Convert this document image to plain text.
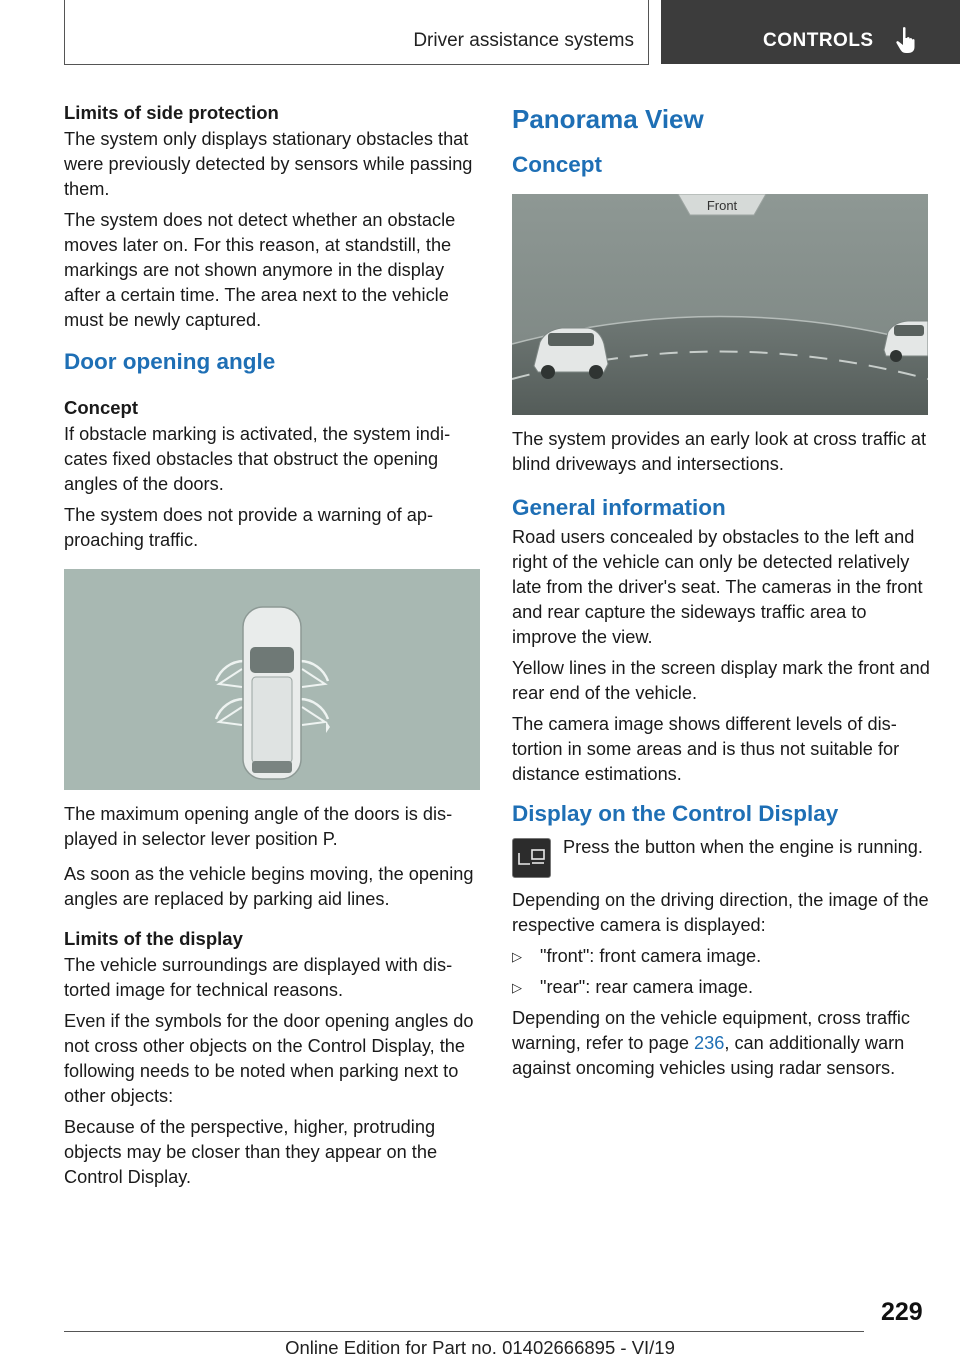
Driver assistance systems	CONTROLS
Limits of side protection

The system only displays stationary obstacles that were previously detected by sensors while passing them.

The system does not detect whether an obstacle moves later on. For this reason, at standstill, the markings are not shown anymore in the display after a certain time. The area next to the vehicle must be newly captured.

Door opening angle
Concept

If obstacle marking is activated, the system indicates fixed obstacles that obstruct the opening angles of the doors.

The system does not provide a warning of approaching traffic.

The maximum opening angle of the doors is displayed in selector lever position P.

As soon as the vehicle begins moving, the opening angles are replaced by parking aid lines.

Limits of the display

The vehicle surroundings are displayed with distorted image for technical reasons.

Even if the symbols for the door opening angles do not cross other objects on the Control Display, the following needs to be noted when parking next to other objects:

Because of the perspective, higher, protruding objects may be closer than they appear on the Control Display.

Panorama View
Concept
Front

The system provides an early look at cross traffic at blind driveways and intersections.

General information

Road users concealed by obstacles to the left and right of the vehicle can only be detected relatively late from the driver's seat. The cameras in the front and rear capture the sideways traffic area to improve the view.

Yellow lines in the screen display mark the front and rear end of the vehicle.

The camera image shows different levels of distortion in some areas and is thus not suitable for distance estimations.

Display on the Control Display
Press the button when the engine is running.

Depending on the driving direction, the image of the respective camera is displayed:

▷ "front": front camera image.
▷ "rear": rear camera image.

Depending on the vehicle equipment, cross traffic warning, refer to page 236, can additionally warn against oncoming vehicles using radar sensors.

229
Online Edition for Part no. 01402666895 - VI/19
